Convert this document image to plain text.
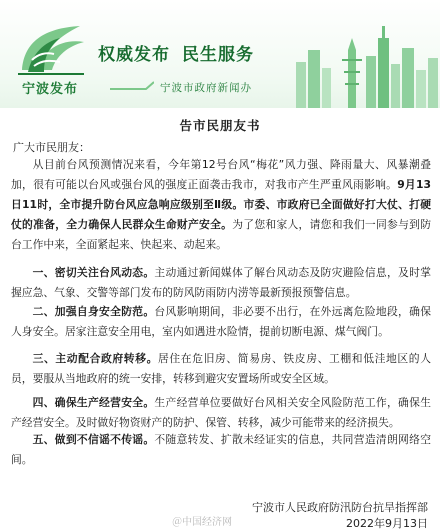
宁波发布
权威发布 民生服务
宁波市政府新闻办
告市民朋友书
广大市民朋友：

从目前台风预测情况来看，今年第12号台风“梅花”风力强、降雨量大、风暴潮叠加，很有可能以台风或强台风的强度正面袭击我市，对我市产生严重风雨影响。9月13日11时，全市提升防台风应急响应级别至Ⅱ级。市委、市政府已全面做好打大仗、打硬仗的准备，全力确保人民群众生命财产安全。为了您和家人，请您和我们一同参与到防台工作中来，全面紧起来、快起来、动起来。

一、密切关注台风动态。主动通过新闻媒体了解台风动态及防灾避险信息，及时掌握应急、气象、交警等部门发布的防风防雨防内涝等最新预报预警信息。

二、加强自身安全防范。台风影响期间，非必要不出行，在外远离危险地段，确保人身安全。居家注意安全用电，室内如遇进水险情，提前切断电源、煤气阀门。

三、主动配合政府转移。居住在危旧房、简易房、铁皮房、工棚和低洼地区的人员，要服从当地政府的统一安排，转移到避灾安置场所或安全区域。

四、确保生产经营安全。生产经营单位要做好台风相关安全风险防范工作，确保生产经营安全。及时做好物资财产的防护、保管、转移，减少可能带来的经济损失。

五、做到不信谣不传谣。不随意转发、扩散未经证实的信息，共同营造清朗网络空间。

宁波市人民政府防汛防台抗旱指挥部
＠中国经济网	2022年9月13日
